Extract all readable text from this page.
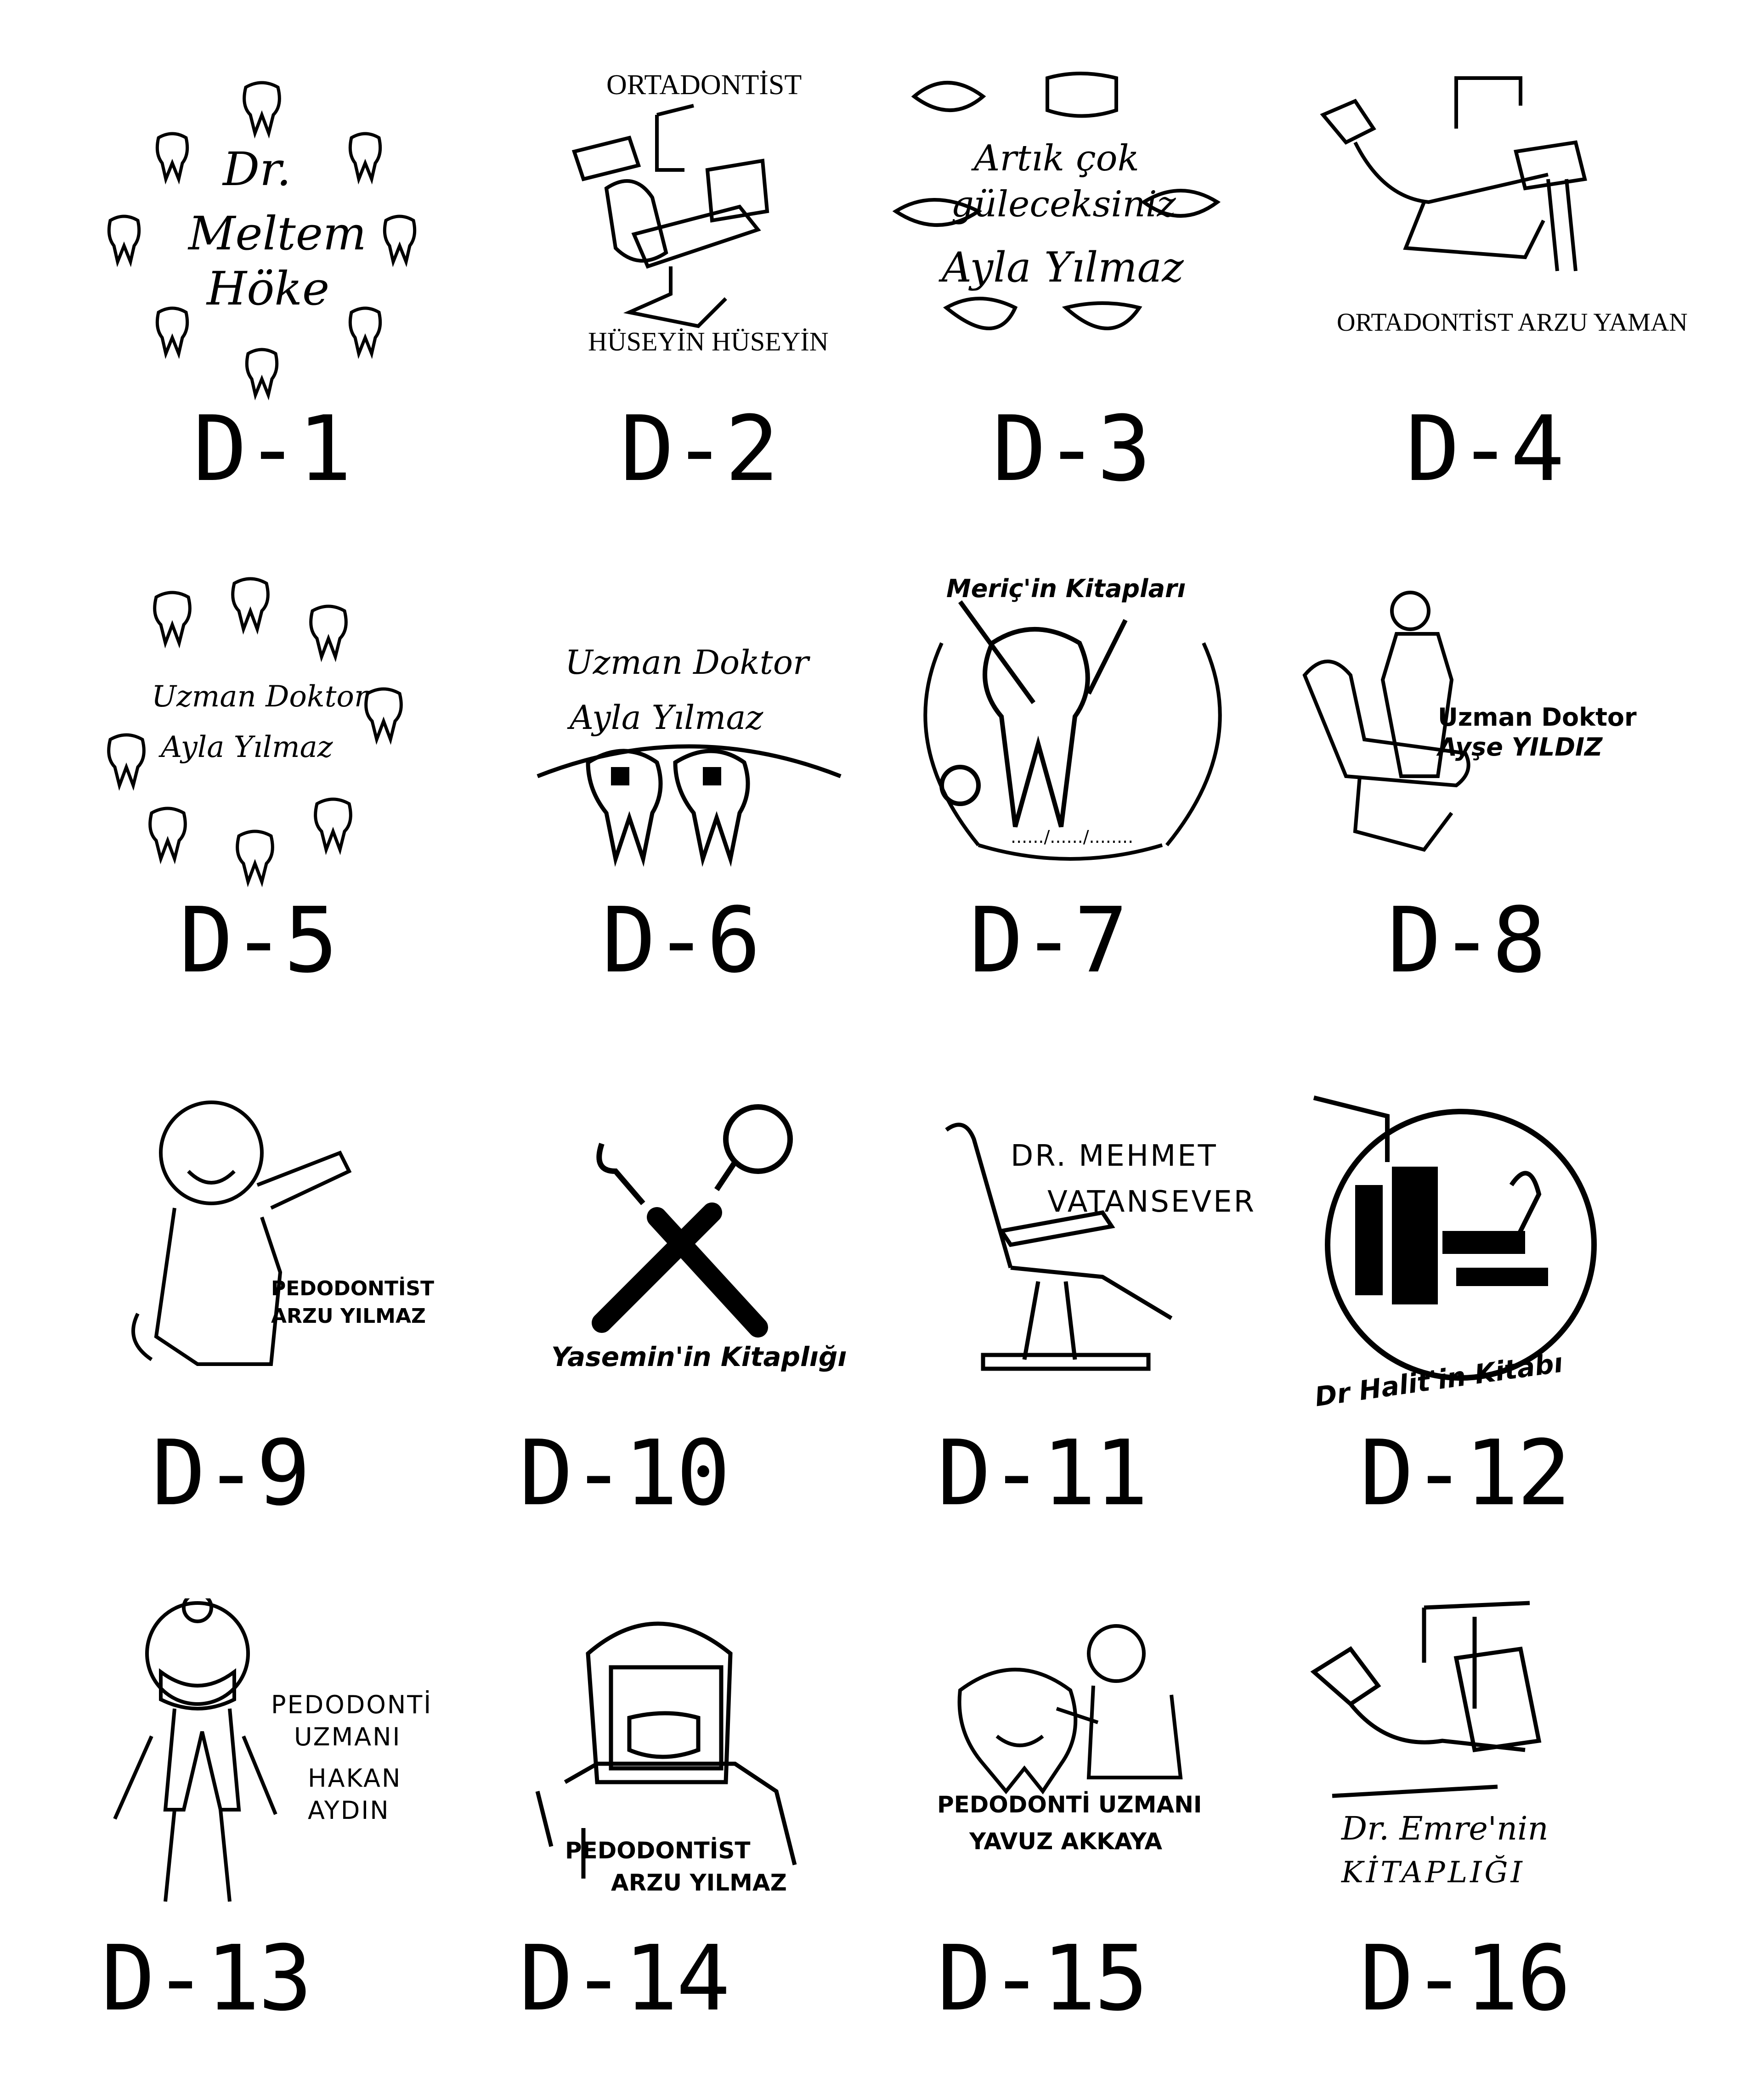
Dr.
Meltem
Höke
D-1
ORTADONTİST
HÜSEYİN HÜSEYİN
D-2
Artık çok
güleceksiniz
Ayla Yılmaz
D-3
ORTADONTİST ARZU YAMAN
D-4
Uzman Doktor
Ayla Yılmaz
D-5
Uzman Doktor
Ayla Yılmaz
D-6
Meriç'in Kitapları
....../....../........
D-7
Uzman Doktor
Ayşe YILDIZ
D-8
PEDODONTİST
ARZU YILMAZ
D-9
Yasemin'in Kitaplığı
D-10
DR. MEHMET
VATANSEVER
D-11
Dr Halit'in Kitabı
D-12
PEDODONTİ
UZMANI
HAKAN
AYDIN
D-13
PEDODONTİST
ARZU YILMAZ
D-14
PEDODONTİ UZMANI
YAVUZ AKKAYA
D-15
Dr. Emre'nin
KİTAPLIĞI
D-16
